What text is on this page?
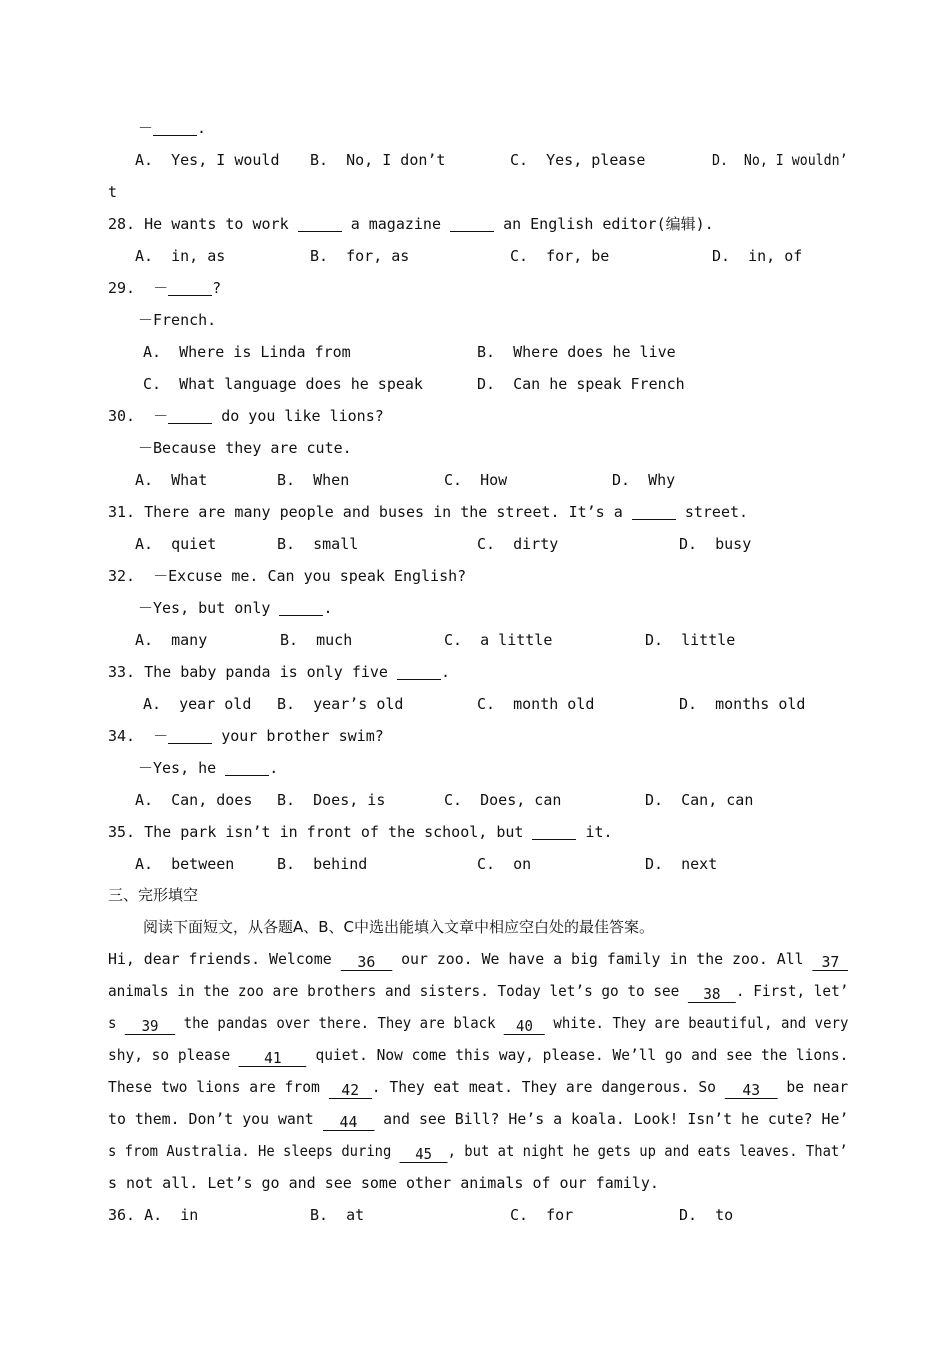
－	.
A.  Yes, I would B.  No, I don’t	C.  Yes, please	D.  No, I wouldn’
t
28. He wants to work	a magazine	an English editor(编辑).
A.  in, as	B.  for, as	C.  for, be	D.  in, of
29. －	?
－French.
A.  Where is Linda from	B.  Where does he live
C.  What language does he speak	D.  Can he speak French
30. －	do you like lions?
－Because they are cute.
A.  What	B.  When	C.  How	D.  Why
31. There are many people and buses in the street. It’s a	street.
A.  quiet	B.  small	C.  dirty	D.  busy
32. －Excuse me. Can you speak English?
－Yes, but only	.
A.  many	B.  much	C.  a little	D.  little
33. The baby panda is only five	.
A.  year old B.  year’s old	C.  month old	D.  months old
34. －	your brother swim?
－Yes, he	.
A.  Can, does B.  Does, is	C.  Does, can	D.  Can, can
35. The park isn’t in front of the school, but	it.
A.  between	B.  behind	C.  on	D.  next
三、完形填空
阅读下面短文，从各题A、B、C中选出能填入文章中相应空白处的最佳答案。
Hi, dear friends. Welcome 36 our zoo. We have a big family in the zoo. All 37
animals in the zoo are brothers and sisters. Today let’s go to see 38 . First, let’
s 39 the pandas over there. They are black 40 white. They are beautiful, and very
shy, so please 41 quiet. Now come this way, please. We’ll go and see the lions.
These two lions are from 42 . They eat meat. They are dangerous. So 43 be near
to them. Don’t you want 44 and see Bill? He’s a koala. Look! Isn’t he cute? He’
s from Australia. He sleeps during 45 , but at night he gets up and eats leaves. That’
s not all. Let’s go and see some other animals of our family.
36. A.  in	B.  at	C.  for	D.  to
